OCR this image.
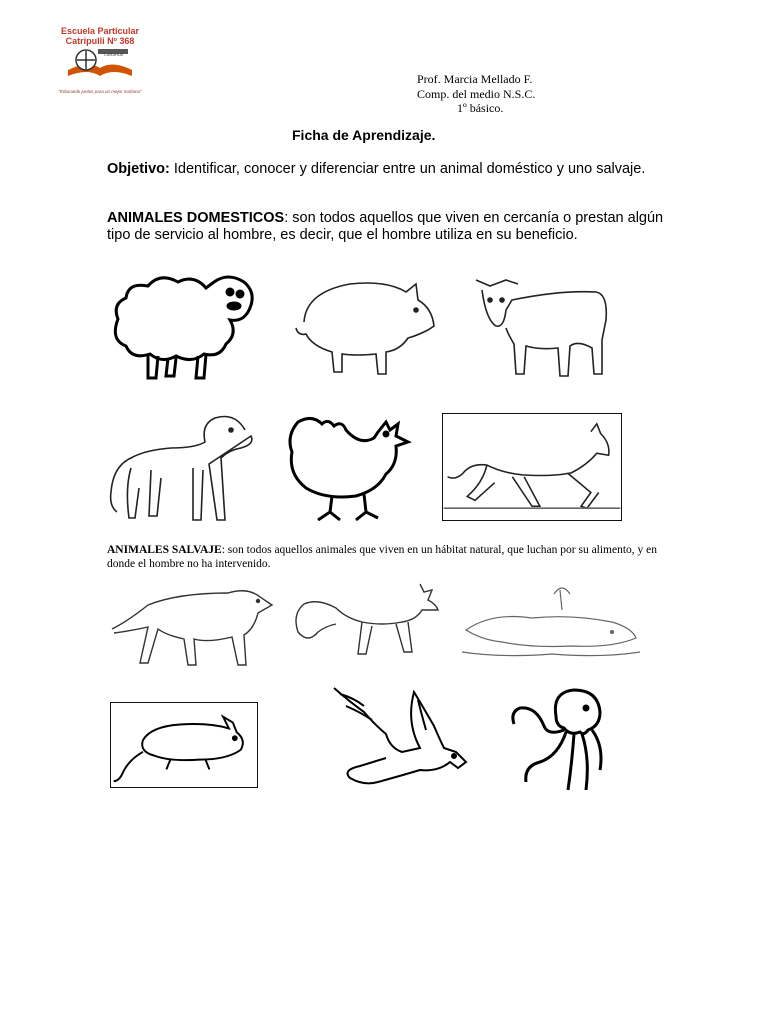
Escuela Particular
Catripulli Nº 368
CARAHUE
"Educando juntos para un mejor mañana"
Prof. Marcia Mellado F.
Comp. del medio N.S.C.
1º básico.
Ficha de Aprendizaje.
Objetivo: Identificar, conocer y diferenciar entre un animal doméstico y uno salvaje.
ANIMALES DOMESTICOS: son todos aquellos que viven en cercanía o prestan algún tipo de servicio al hombre, es decir, que el hombre utiliza en su beneficio.
ANIMALES SALVAJE: son todos aquellos animales que viven en un hábitat natural, que luchan por su alimento, y en donde el hombre no ha intervenido.
